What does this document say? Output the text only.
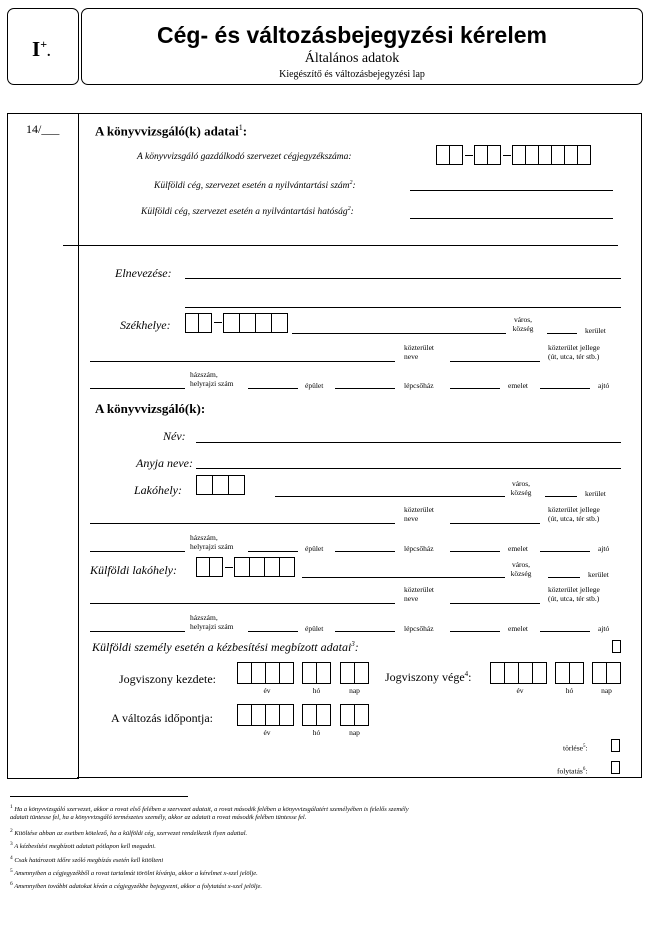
I+.
Cég- és változásbejegyzési kérelem
Általános adatok
Kiegészítő és változásbejegyzési lap
14/___	A könyvvizsgáló(k) adatai$^1$:
A könyvvizsgáló gazdálkodó szervezet cégjegyzékszáma:
Külföldi cég, szervezet esetén a nyilvántartási szám$^2$:
Külföldi cég, szervezet esetén a nyilvántartási hatóság$^2$:
Elnevezése:
Székhelye:	város,
község	kerület
közterület
neve
közterület jellege
(út, utca, tér stb.)
házszám,
helyrajzi szám	épület	lépcsőház	emelet	ajtó
A könyvvizsgáló(k):
Név:
Anyja neve:
Lakóhely:	város,
község	kerület
közterület
neve
közterület jellege
(út, utca, tér stb.)
házszám,
helyrajzi szám	épület	lépcsőház	emelet	ajtó
Külföldi lakóhely:	város,
község	kerület
közterület
neve
közterület jellege
(út, utca, tér stb.)
házszám,
helyrajzi szám	épület	lépcsőház	emelet	ajtó
Külföldi személy esetén a kézbesítési megbízott adatai$^3$:
Jogviszony kezdete:
év	hó	nap
Jogviszony vége$^4$:
év	hó	nap
A változás időpontja:
év	hó	nap
törlése$^5$:
folytatás$^6$:
$^1$ Ha a könyvvizsgáló szervezet, akkor a rovat első felében a szervezet adatait, a rovat második felében a könyvvizsgálatért személyében is felelős személy
adatait tüntesse fel, ha a könyvvizsgáló természetes személy, akkor az adatait a rovat második felében tüntesse fel.
$^2$ Kitöltése abban az esetben kötelező, ha a külföldi cég, szervezet rendelkezik ilyen adattal.
$^3$ A kézbesítési megbízott adatait pótlapon kell megadni.
$^4$ Csak határozott időre szóló megbízás esetén kell kitölteni
$^5$ Amennyiben a cégjegyzékből a rovat tartalmát törölni kívánja, akkor a kérelmet x-szel jelölje.
$^6$ Amennyiben további adatokat kíván a cégjegyzékbe bejegyezni, akkor a folytatást x-szel jelölje.
